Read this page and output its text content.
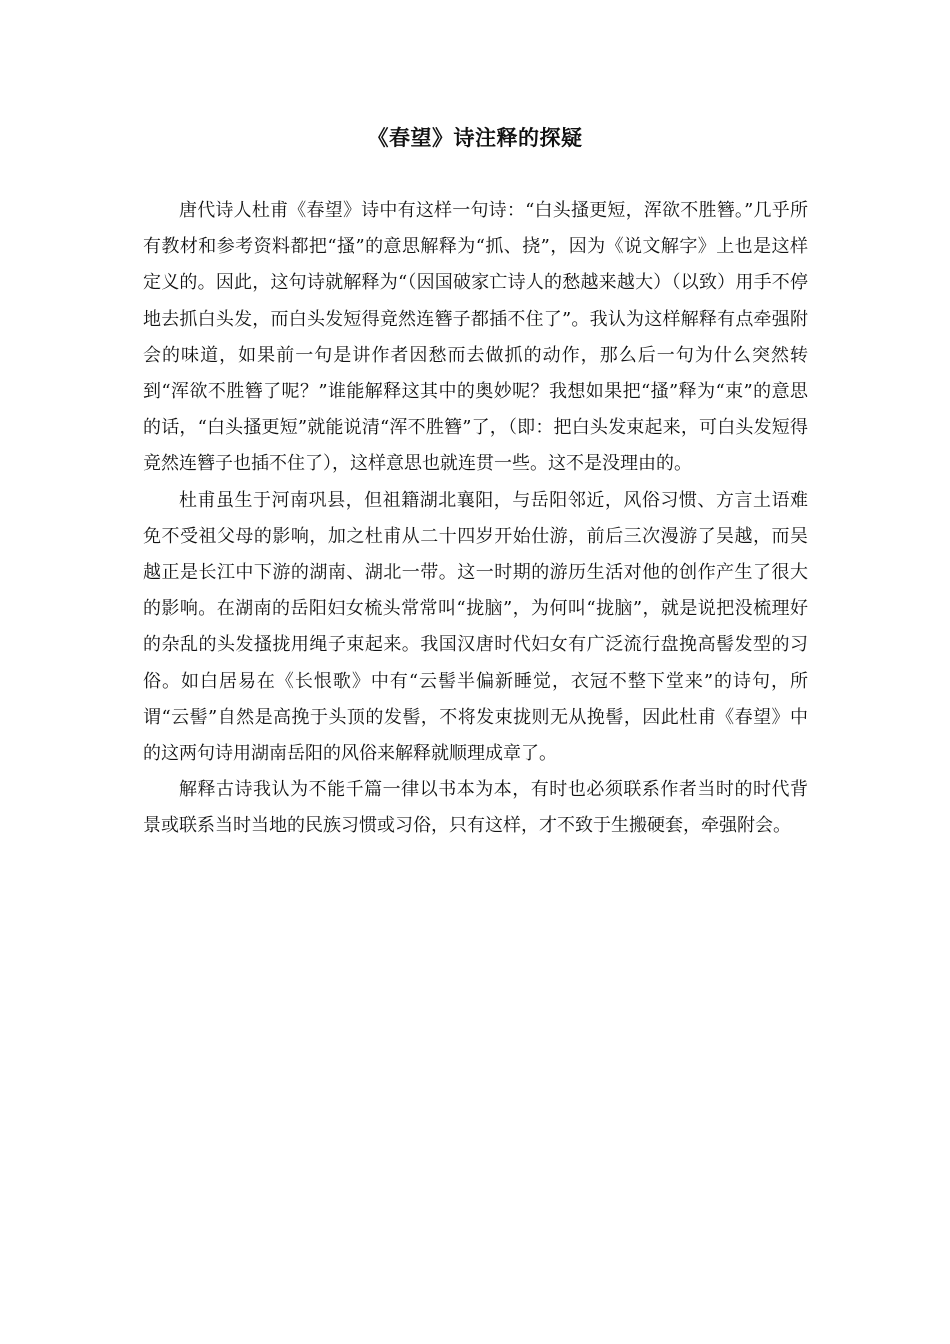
《春望》诗注释的探疑

唐代诗人杜甫《春望》诗中有这样一句诗：“白头搔更短，浑欲不胜簪。”几乎所有教材和参考资料都把“搔”的意思解释为“抓、挠”，因为《说文解字》上也是这样定义的。因此，这句诗就解释为“（因国破家亡诗人的愁越来越大）（以致）用手不停地去抓白头发，而白头发短得竟然连簪子都插不住了”。我认为这样解释有点牵强附会的味道，如果前一句是讲作者因愁而去做抓的动作，那么后一句为什么突然转到“浑欲不胜簪了呢？”谁能解释这其中的奥妙呢？我想如果把“搔”释为“束”的意思的话，“白头搔更短”就能说清“浑不胜簪”了，（即：把白头发束起来，可白头发短得竟然连簪子也插不住了），这样意思也就连贯一些。这不是没理由的。

杜甫虽生于河南巩县，但祖籍湖北襄阳，与岳阳邻近，风俗习惯、方言土语难免不受祖父母的影响，加之杜甫从二十四岁开始仕游，前后三次漫游了吴越，而吴越正是长江中下游的湖南、湖北一带。这一时期的游历生活对他的创作产生了很大的影响。在湖南的岳阳妇女梳头常常叫“拢脑”，为何叫“拢脑”，就是说把没梳理好的杂乱的头发搔拢用绳子束起来。我国汉唐时代妇女有广泛流行盘挽高髻发型的习俗。如白居易在《长恨歌》中有“云髻半偏新睡觉，衣冠不整下堂来”的诗句，所谓“云髻”自然是高挽于头顶的发髻，不将发束拢则无从挽髻，因此杜甫《春望》中的这两句诗用湖南岳阳的风俗来解释就顺理成章了。

解释古诗我认为不能千篇一律以书本为本，有时也必须联系作者当时的时代背景或联系当时当地的民族习惯或习俗，只有这样，才不致于生搬硬套，牵强附会。
